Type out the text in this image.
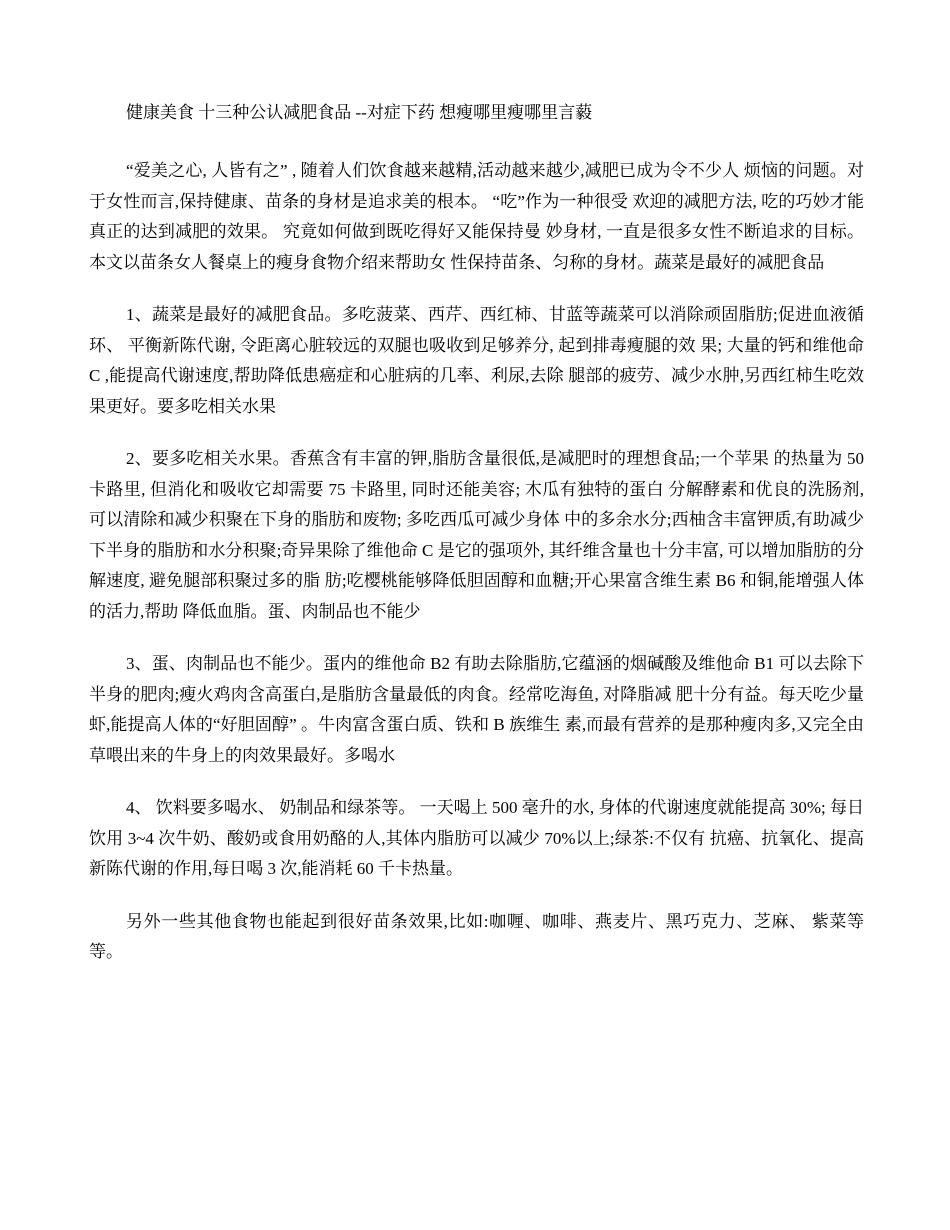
健康美食 十三种公认减肥食品 --对症下药 想瘦哪里瘦哪里言藙

“爱美之心, 人皆有之” , 随着人们饮食越来越精,活动越来越少,减肥已成为令不少人 烦恼的问题。对于女性而言,保持健康、苗条的身材是追求美的根本。 “吃”作为一种很受 欢迎的减肥方法, 吃的巧妙才能真正的达到减肥的效果。 究竟如何做到既吃得好又能保持曼 妙身材, 一直是很多女性不断追求的目标。 本文以苗条女人餐桌上的瘦身食物介绍来帮助女 性保持苗条、匀称的身材。蔬菜是最好的减肥食品

1、蔬菜是最好的减肥食品。多吃菠菜、西芹、西红柿、甘蓝等蔬菜可以消除顽固脂肪;促进血液循环、 平衡新陈代谢, 令距离心脏较远的双腿也吸收到足够养分, 起到排毒瘦腿的效 果; 大量的钙和维他命 C ,能提高代谢速度,帮助降低患癌症和心脏病的几率、利尿,去除 腿部的疲劳、减少水肿,另西红柿生吃效果更好。要多吃相关水果

2、要多吃相关水果。香蕉含有丰富的钾,脂肪含量很低,是减肥时的理想食品;一个苹果 的热量为 50 卡路里, 但消化和吸收它却需要 75 卡路里, 同时还能美容; 木瓜有独特的蛋白 分解酵素和优良的洗肠剂, 可以清除和减少积聚在下身的脂肪和废物; 多吃西瓜可减少身体 中的多余水分;西柚含丰富钾质,有助减少下半身的脂肪和水分积聚;奇异果除了维他命 C 是它的强项外, 其纤维含量也十分丰富, 可以增加脂肪的分解速度, 避免腿部积聚过多的脂 肪;吃樱桃能够降低胆固醇和血糖;开心果富含维生素 B6 和铜,能增强人体的活力,帮助 降低血脂。蛋、肉制品也不能少

3、蛋、肉制品也不能少。蛋内的维他命 B2 有助去除脂肪,它蕴涵的烟碱酸及维他命 B1 可以去除下半身的肥肉;瘦火鸡肉含高蛋白,是脂肪含量最低的肉食。经常吃海鱼, 对降脂减 肥十分有益。每天吃少量虾,能提高人体的“好胆固醇” 。牛肉富含蛋白质、铁和 B 族维生 素,而最有营养的是那种瘦肉多,又完全由草喂出来的牛身上的肉效果最好。多喝水

4、 饮料要多喝水、 奶制品和绿茶等。 一天喝上 500 毫升的水, 身体的代谢速度就能提高 30%; 每日饮用 3~4 次牛奶、酸奶或食用奶酪的人,其体内脂肪可以减少 70%以上;绿茶:不仅有 抗癌、抗氧化、提高新陈代谢的作用,每日喝 3 次,能消耗 60 千卡热量。

另外一些其他食物也能起到很好苗条效果,比如:咖喱、咖啡、燕麦片、黑巧克力、芝麻、 紫菜等等。
